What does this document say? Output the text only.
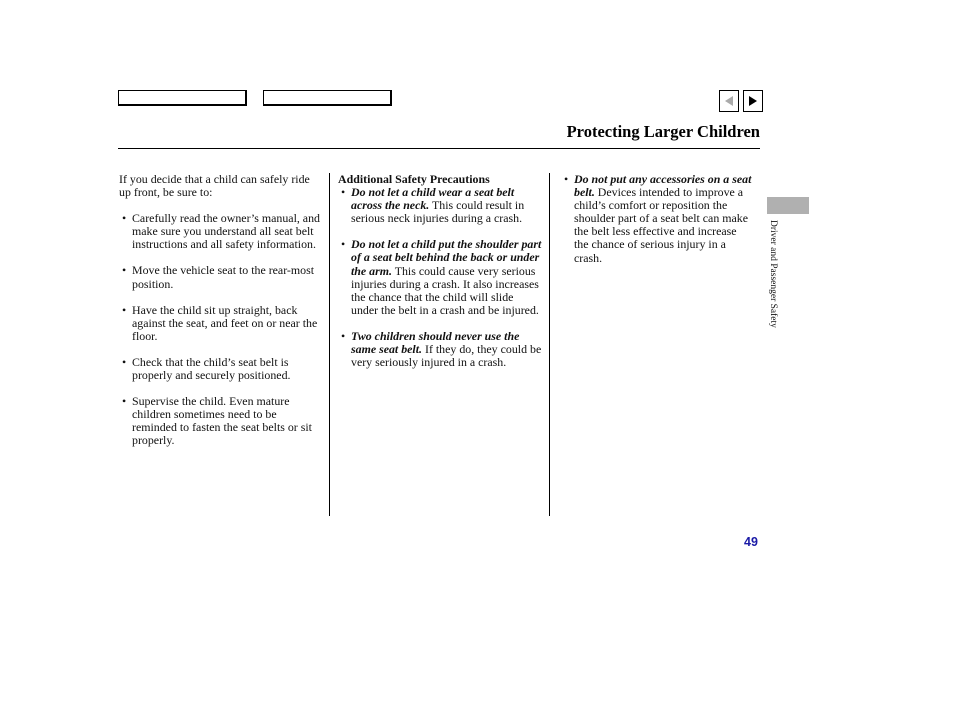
Protecting Larger Children

If you decide that a child can safely ride up front, be sure to:

• Carefully read the owner’s manual, and make sure you understand all seat belt instructions and all safety information.
• Move the vehicle seat to the rear-most position.
• Have the child sit up straight, back against the seat, and feet on or near the floor.
• Check that the child’s seat belt is properly and securely positioned.
• Supervise the child. Even mature children sometimes need to be reminded to fasten the seat belts or sit properly.

Additional Safety Precautions

• Do not let a child wear a seat belt across the neck. This could result in serious neck injuries during a crash.
• Do not let a child put the shoulder part of a seat belt behind the back or under the arm. This could cause very serious injuries during a crash. It also increases the chance that the child will slide under the belt in a crash and be injured.
• Two children should never use the same seat belt. If they do, they could be very seriously injured in a crash.
• Do not put any accessories on a seat belt. Devices intended to improve a child’s comfort or reposition the shoulder part of a seat belt can make the belt less effective and increase the chance of serious injury in a crash.	Driver and Passenger Safety
49
